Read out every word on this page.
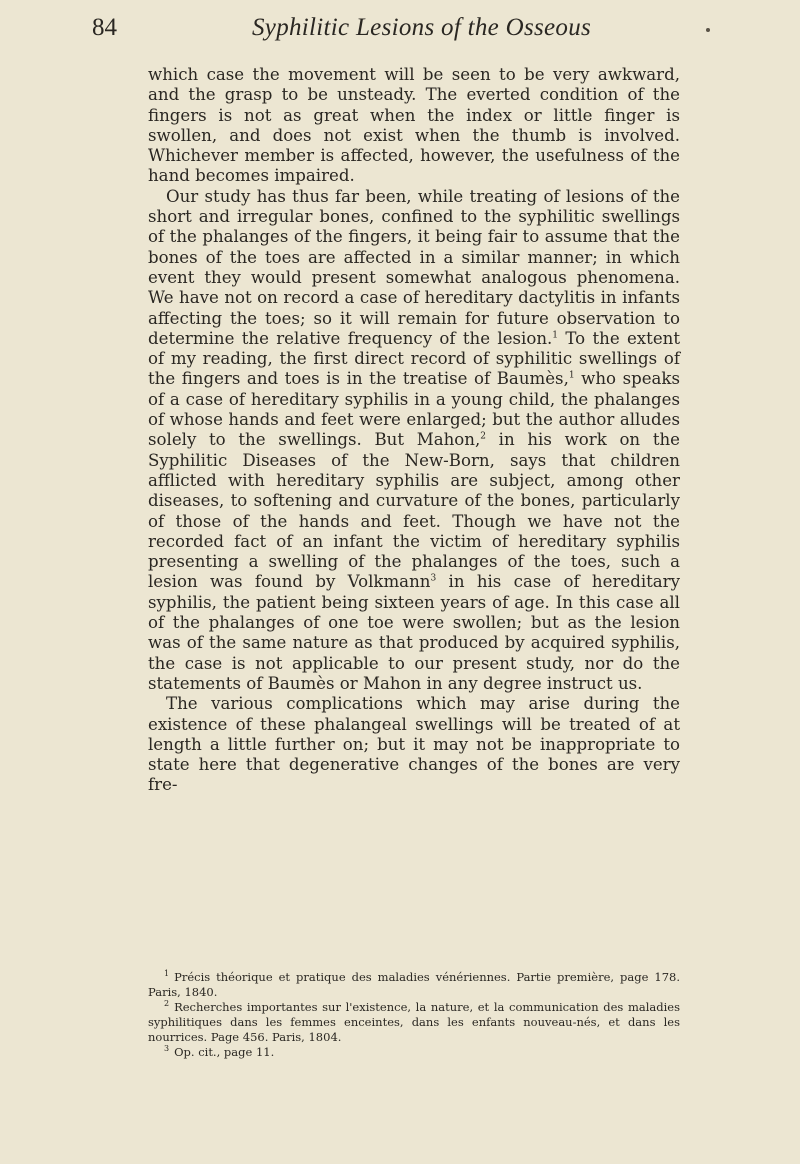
84	Syphilitic Lesions of the Osseous

which case the movement will be seen to be very awkward, and the grasp to be unsteady. The everted condition of the fingers is not as great when the index or little finger is swollen, and does not exist when the thumb is involved. Whichever member is affected, however, the usefulness of the hand becomes impaired.

Our study has thus far been, while treating of lesions of the short and irregular bones, confined to the syphilitic swellings of the phalanges of the fingers, it being fair to assume that the bones of the toes are affected in a similar manner; in which event they would present somewhat analogous phenomena. We have not on record a case of hereditary dactylitis in infants affecting the toes; so it will remain for future observation to determine the relative frequency of the lesion.$^1$ To the extent of my reading, the first direct record of syphilitic swellings of the fingers and toes is in the treatise of Baumès,$^1$ who speaks of a case of hereditary syphilis in a young child, the phalanges of whose hands and feet were enlarged; but the author alludes solely to the swellings. But Mahon,$^2$ in his work on the Syphilitic Diseases of the New-Born, says that children afflicted with hereditary syphilis are subject, among other diseases, to softening and curvature of the bones, particularly of those of the hands and feet. Though we have not the recorded fact of an infant the victim of hereditary syphilis presenting a swelling of the phalanges of the toes, such a lesion was found by Volkmann$^3$ in his case of hereditary syphilis, the patient being sixteen years of age. In this case all of the phalanges of one toe were swollen; but as the lesion was of the same nature as that produced by acquired syphilis, the case is not applicable to our present study, nor do the statements of Baumès or Mahon in any degree instruct us.

The various complications which may arise during the existence of these phalangeal swellings will be treated of at length a little further on; but it may not be inappropriate to state here that degenerative changes of the bones are very fre-

$^1$ Précis théorique et pratique des maladies vénériennes. Partie première, page 178. Paris, 1840.

$^2$ Recherches importantes sur l'existence, la nature, et la communication des maladies syphilitiques dans les femmes enceintes, dans les enfants nouveau-nés, et dans les nourrices. Page 456. Paris, 1804.

$^3$ Op. cit., page 11.
